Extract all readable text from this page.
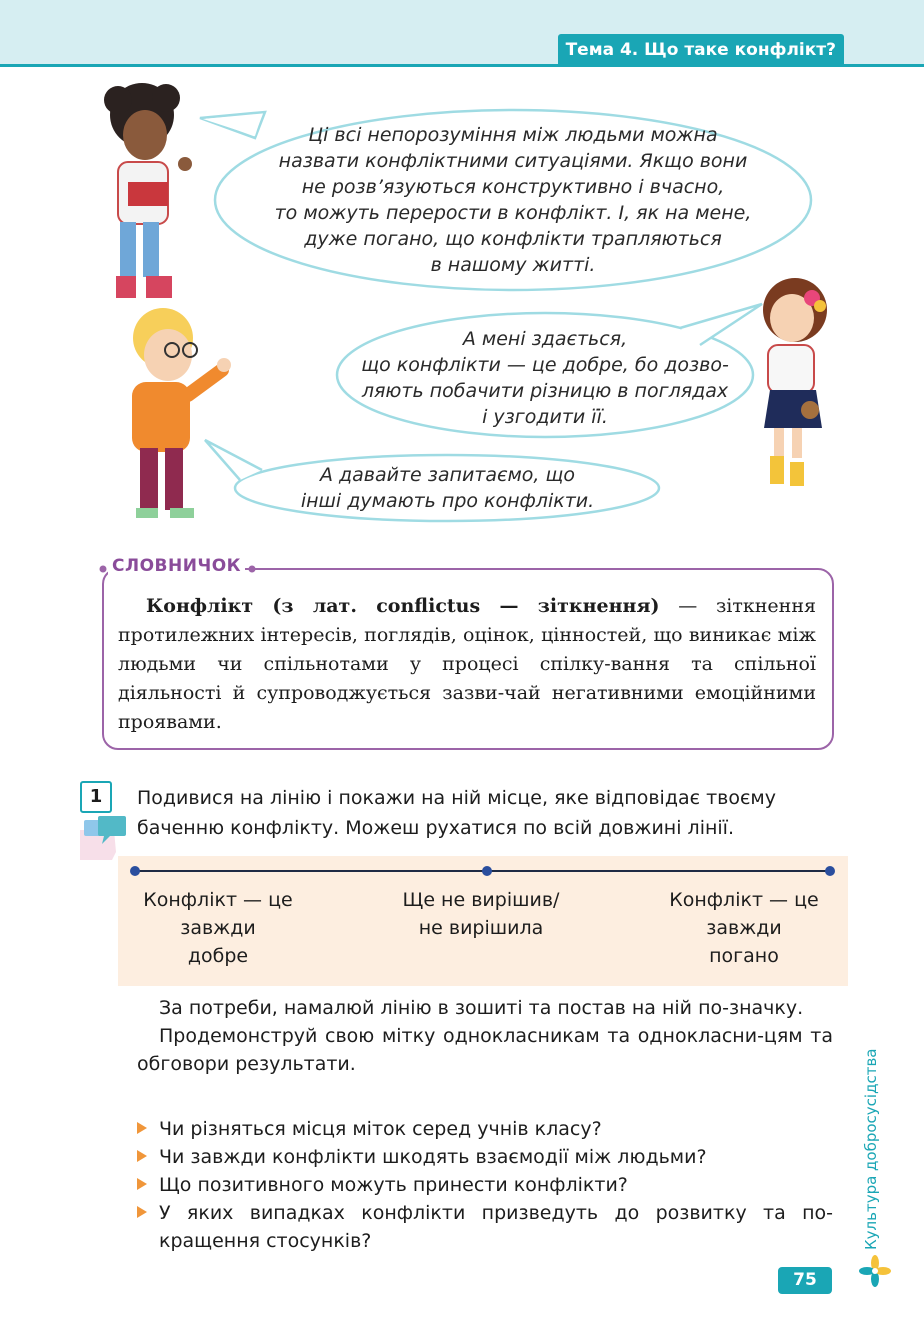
Тема 4. Що таке конфлікт?
Ці всі непорозуміння між людьми можна
назвати конфліктними ситуаціями. Якщо вони
не розв’язуються конструктивно і вчасно,
то можуть перерости в конфлікт. І, як на мене,
дуже погано, що конфлікти трапляються
в нашому житті.
А мені здається,
що конфлікти — це добре, бо дозво-
ляють побачити різницю в поглядах
і узгодити її.
А давайте запитаємо, що
інші думають про конфлікти.
СЛОВНИЧОК

Конфлікт (з лат. conflictus — зіткнення) — зіткнення протилежних інтересів, поглядів, оцінок, цінностей, що виникає між людьми чи спільнотами у процесі спілку-вання та спільної діяльності й супроводжується зазви-чай негативними емоційними проявами.

1	Подивися на лінію і покажи на ній місце, яке відповідає твоєму баченню конфлікту. Можеш рухатися по всій довжині лінії.
Конфлікт — це
завжди
добре
Ще не вирішив/
не вирішила
Конфлікт — це
завжди
погано

За потреби, намалюй лінію в зошиті та постав на ній по-значку.

Продемонструй свою мітку однокласникам та однокласни-цям та обговори результати.

Чи різняться місця міток серед учнів класу?
Чи завжди конфлікти шкодять взаємодії між людьми?
Що позитивного можуть принести конфлікти?
У яких випадках конфлікти призведуть до розвитку та по-кращення стосунків?	Культура добросусідства
75
